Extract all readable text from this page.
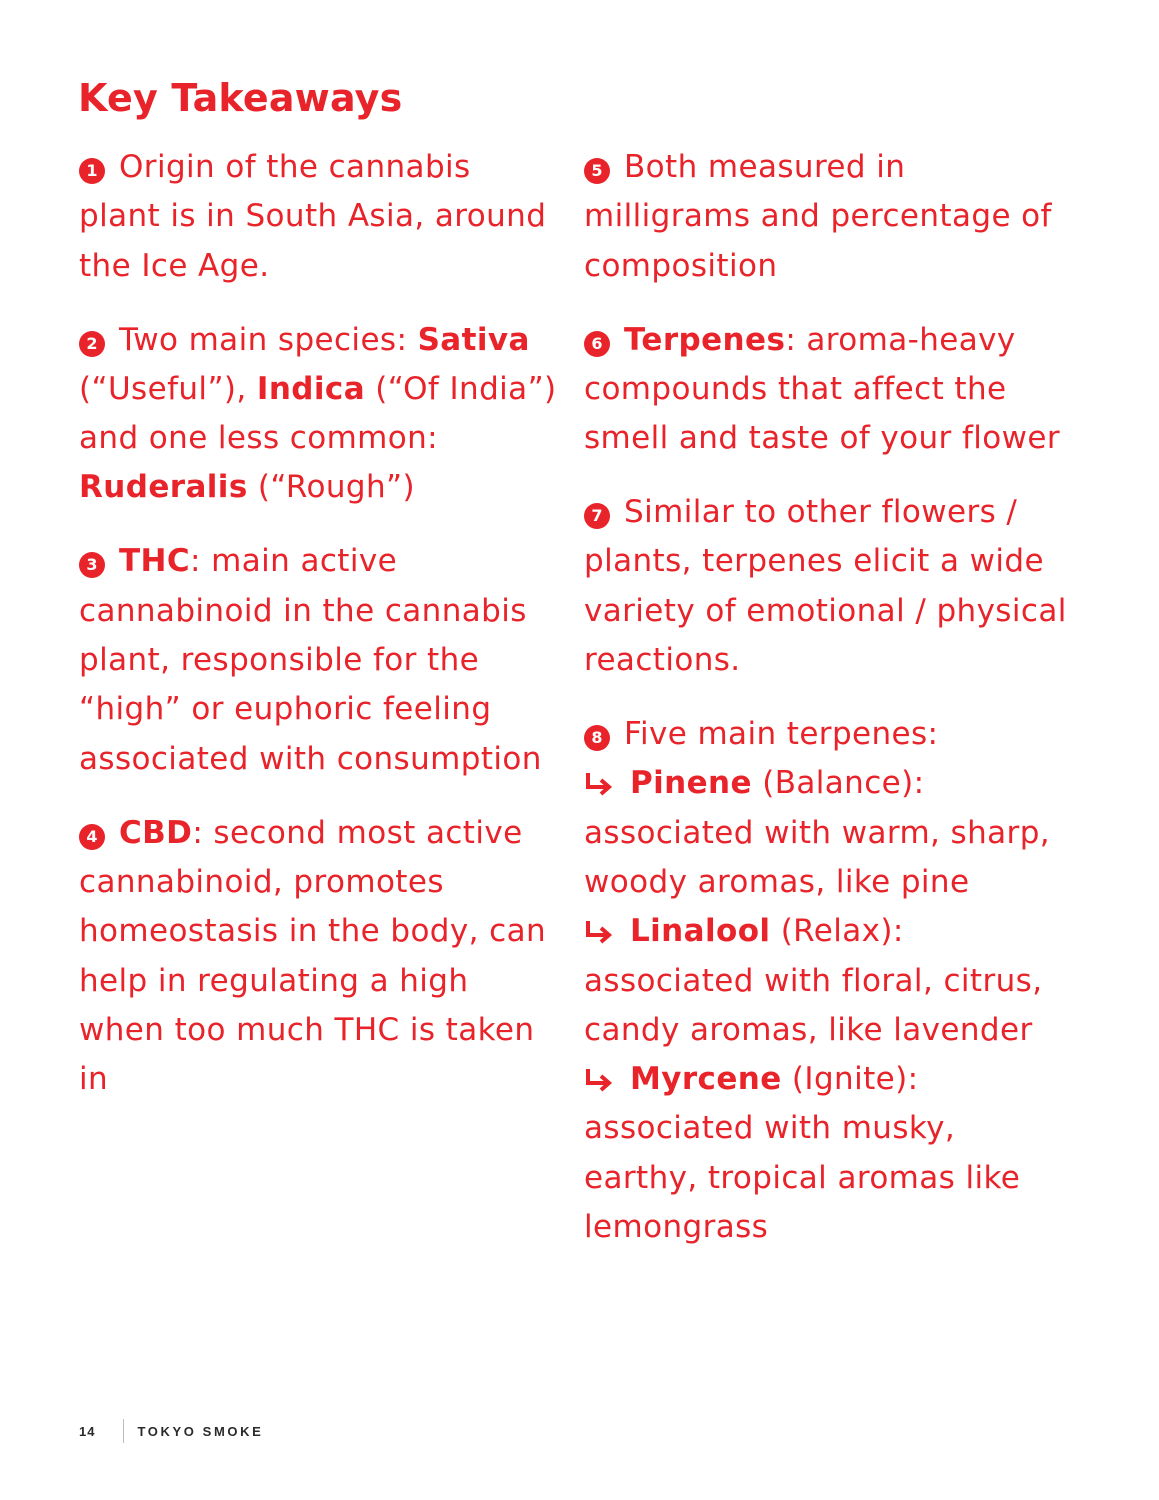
Key Takeaways

1 Origin of the cannabis plant is in South Asia, around the Ice Age.

2 Two main species: Sativa (“Useful”), Indica (“Of India”) and one less common: Ruderalis (“Rough”)

3 THC: main active cannabinoid in the cannabis plant, responsible for the “high” or euphoric feeling associated with consumption

4 CBD: second most active cannabinoid, promotes homeostasis in the body, can help in regulating a high when too much THC is taken in

5 Both measured in milligrams and percentage of composition

6 Terpenes: aroma-heavy compounds that affect the smell and taste of your flower

7 Similar to other flowers / plants, terpenes elicit a wide variety of emotional / physical reactions.

8 Five main terpenes:

Pinene (Balance):
associated with warm, sharp, woody aromas, like pine

Linalool (Relax):
associated with floral, citrus, candy aromas, like lavender

Myrcene (Ignite):
associated with musky, earthy, tropical aromas like lemongrass

14	TOKYO SMOKE
